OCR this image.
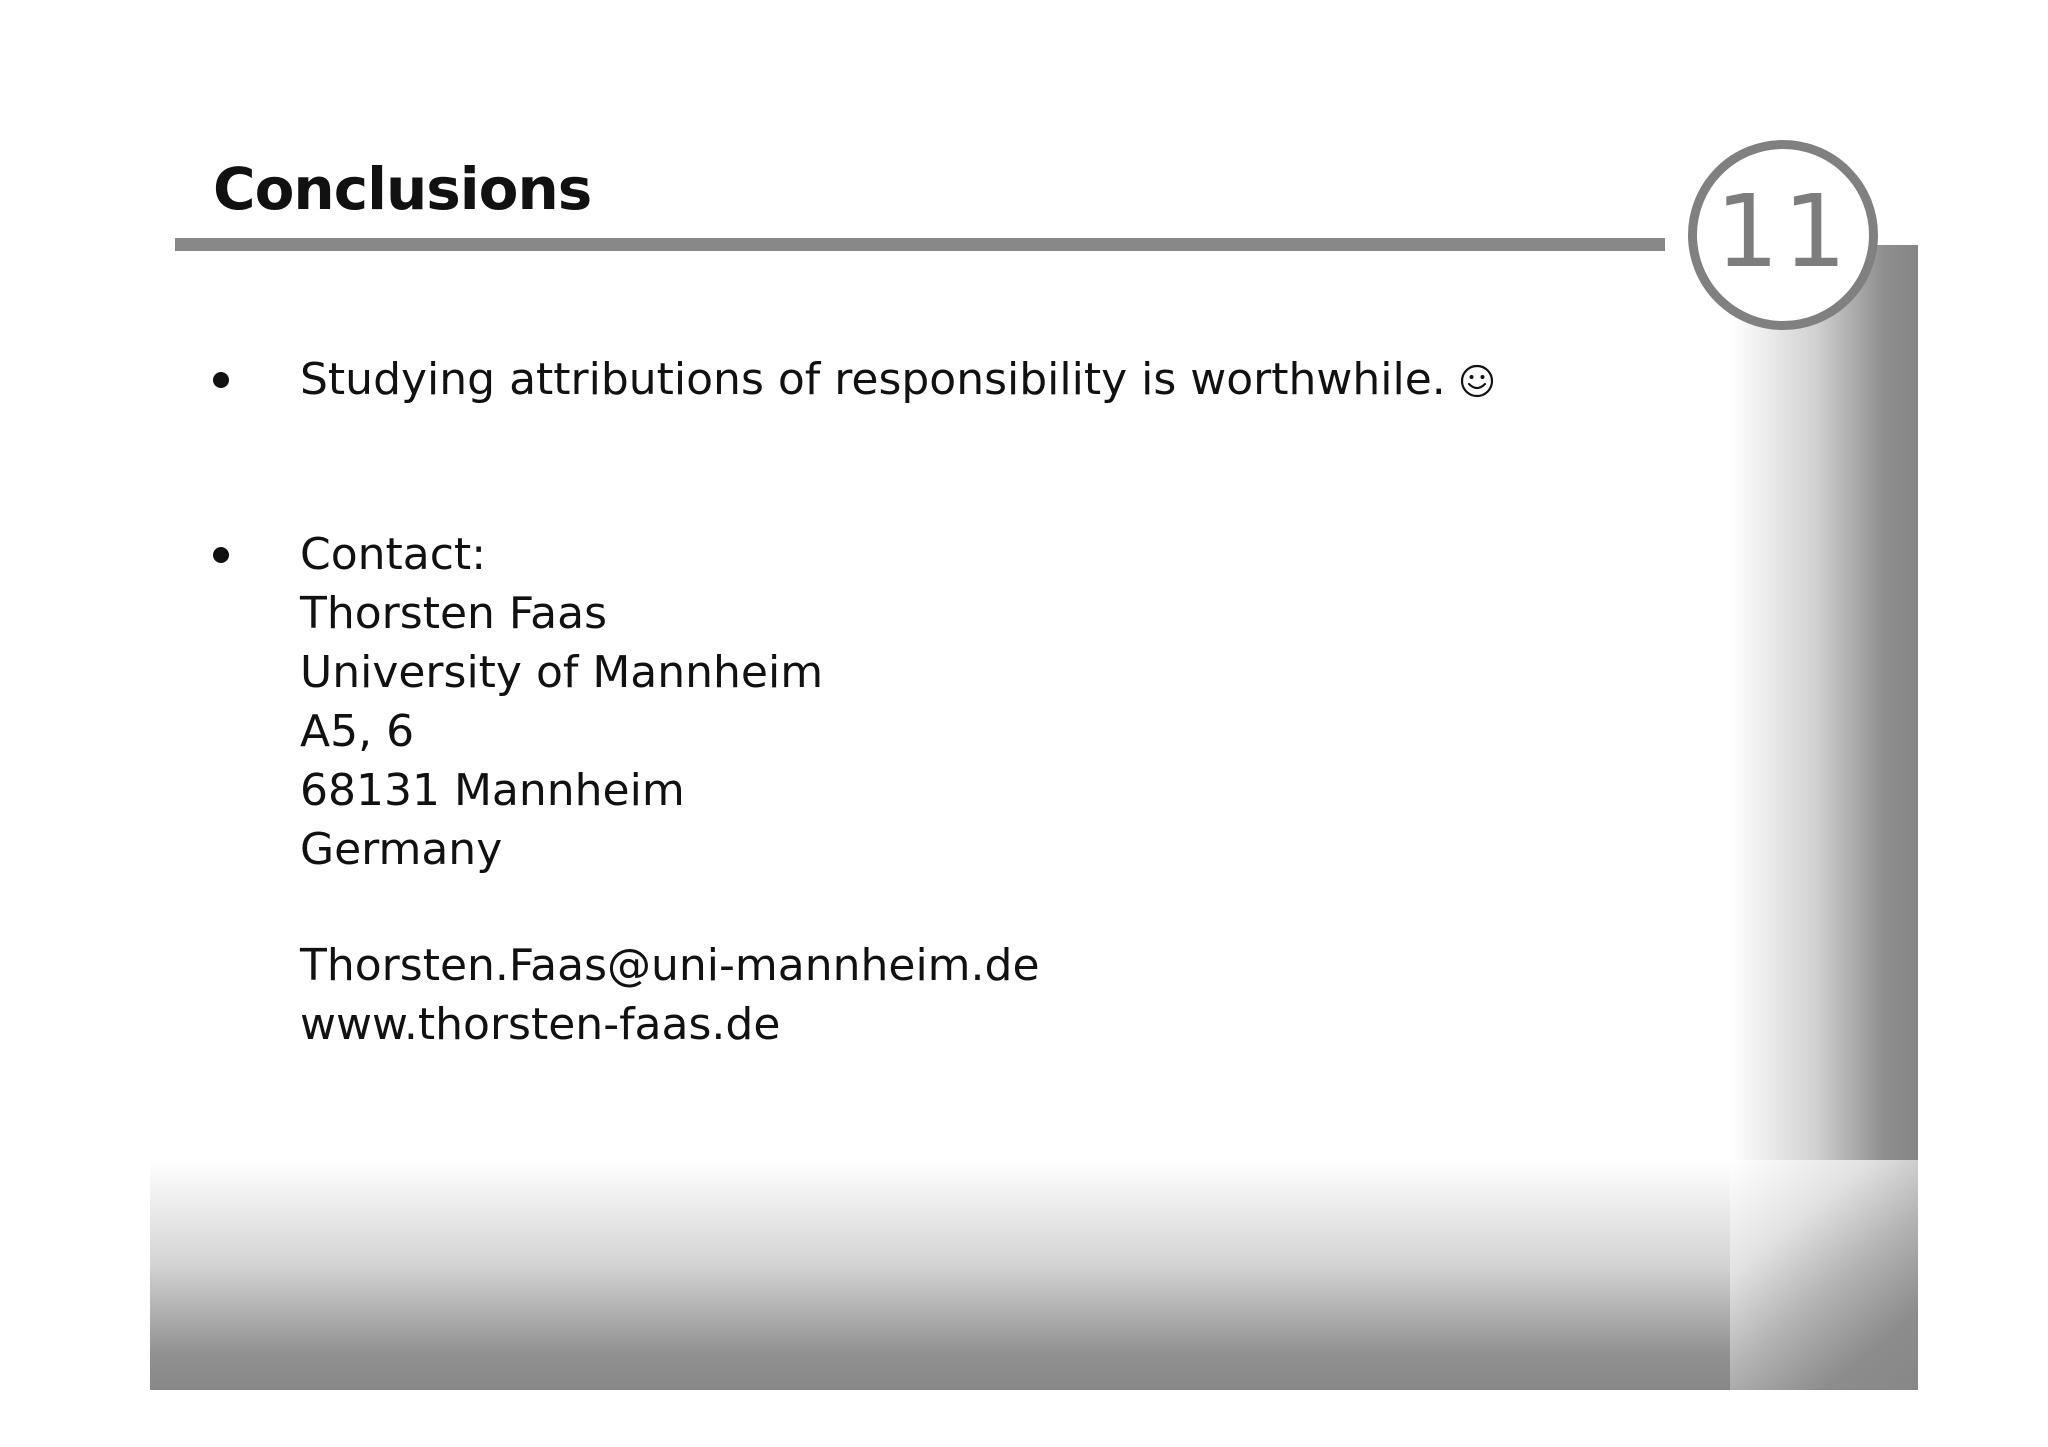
Conclusions	11
Studying attributions of responsibility is worthwhile.
Contact:
Thorsten Faas
University of Mannheim
A5, 6
68131 Mannheim
Germany
Thorsten.Faas@uni-mannheim.de
www.thorsten-faas.de
